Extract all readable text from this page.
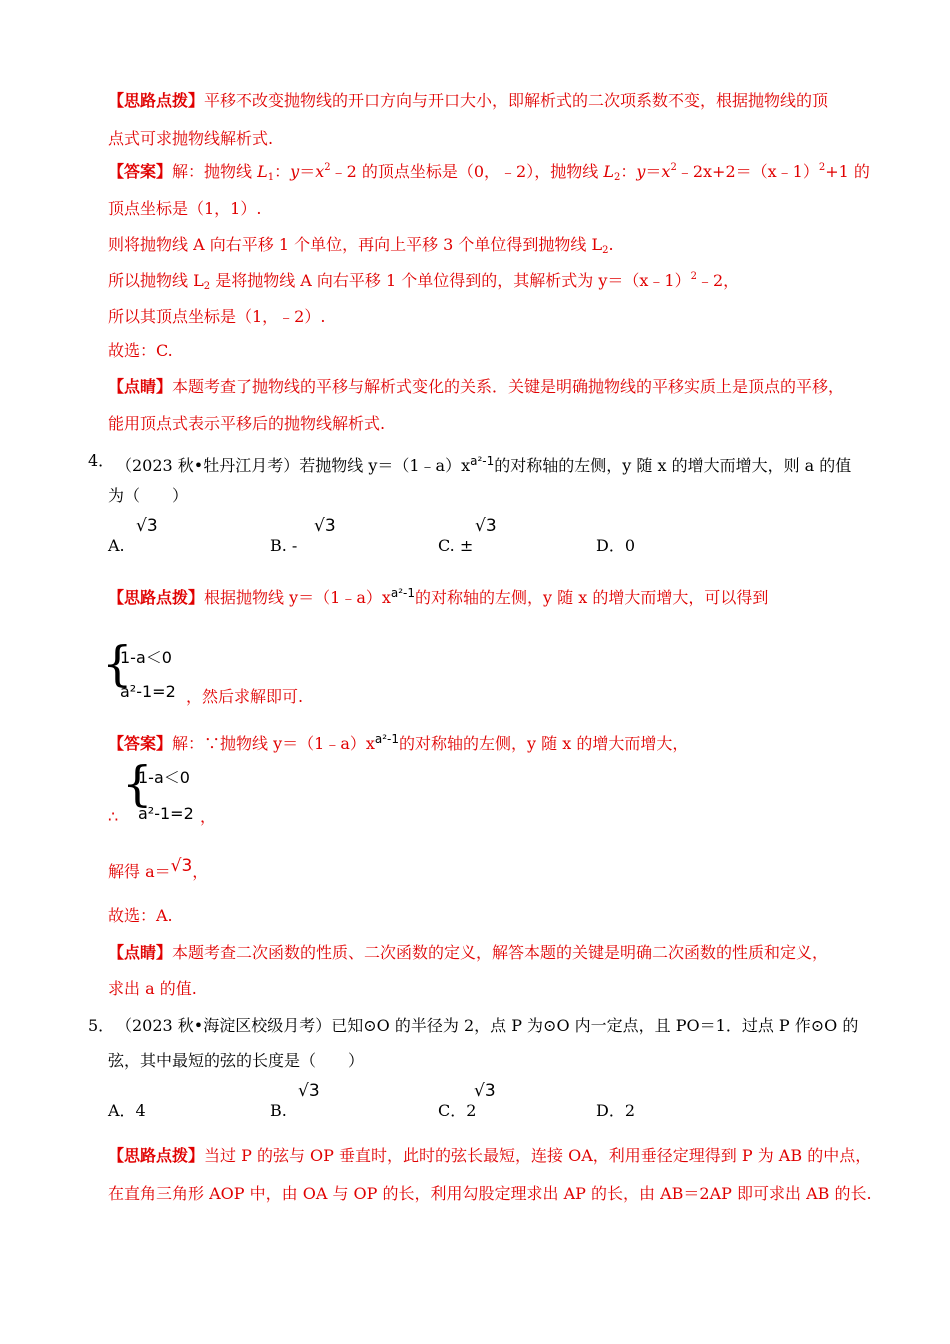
【思路点拨】平移不改变抛物线的开口方向与开口大小，即解析式的二次项系数不变，根据抛物线的顶
点式可求抛物线解析式.
【答案】解：抛物线 $L_1$：$y=x^2﹣2$ 的顶点坐标是（0，﹣2），抛物线 $L_2$：$y=x^2﹣2x+2=(x﹣1)^2+1$ 的
顶点坐标是（1，1）.
则将抛物线 A 向右平移 1 个单位，再向上平移 3 个单位得到抛物线 $L_2$.
所以抛物线 $L_2$ 是将抛物线 A 向右平移 1 个单位得到的，其解析式为 y＝（x﹣1）$^2$﹣2，
所以其顶点坐标是（1，﹣2）.
故选：C.
【点睛】本题考查了抛物线的平移与解析式变化的关系．关键是明确抛物线的平移实质上是顶点的平移，
能用顶点式表示平移后的抛物线解析式.
4． （2023 秋•牡丹江月考）若抛物线 $y=(1﹣a)x^{a^2-1}$的对称轴的左侧，y 随 x 的增大而增大，则 a 的值
为（　　）
A.
√3
B. -
√3
C. ±
√3
D．0
【思路点拨】根据抛物线 $y=(1﹣a)x^{a^2-1}$的对称轴的左侧，y 随 x 的增大而增大，可以得到
{
1-a＜0
a²-1=2 ，然后求解即可.
【答案】解：∵抛物线 $y=(1﹣a)x^{a^2-1}$的对称轴的左侧，y 随 x 的增大而增大，
{
1-a＜0
a²-1=2
∴	，
解得 a＝√3，
故选：A.
【点睛】本题考查二次函数的性质、二次函数的定义，解答本题的关键是明确二次函数的性质和定义，
求出 a 的值.
5． （2023 秋•海淀区校级月考）已知⊙O 的半径为 2，点 P 为⊙O 内一定点，且 PO＝1．过点 P 作⊙O 的
弦，其中最短的弦的长度是（　　）
A．4	B.
√3
C．2
√3
D．2
【思路点拨】当过 P 的弦与 OP 垂直时，此时的弦长最短，连接 OA，利用垂径定理得到 P 为 AB 的中点，
在直角三角形 AOP 中，由 OA 与 OP 的长，利用勾股定理求出 AP 的长，由 AB＝2AP 即可求出 AB 的长.
